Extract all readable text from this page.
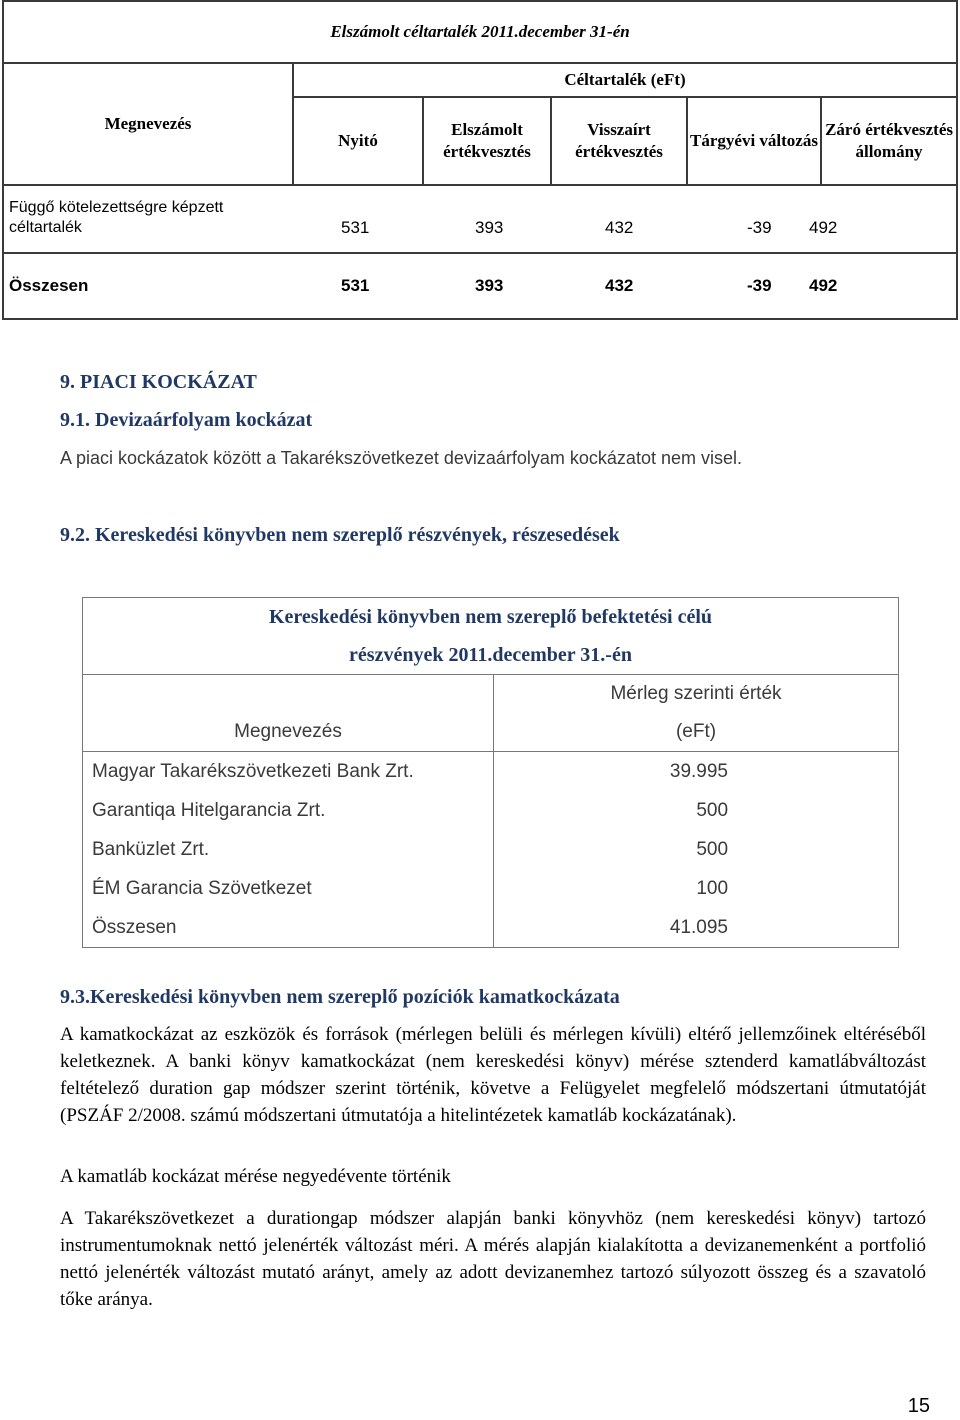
Elszámolt céltartalék 2011.december 31-én					
Megnevezés	Céltartalék (eFt)				
	Nyitó	Elszámolt értékvesztés	Visszaírt értékvesztés	Tárgyévi változás	Záró értékvesztés állomány

Függő kötelezettségre képzett
céltartalék	531	393	432	-39	492
Összesen	531	393	432	-39	492
9. PIACI KOCKÁZAT
9.1. Devizaárfolyam kockázat
A piaci kockázatok között a Takarékszövetkezet devizaárfolyam kockázatot nem visel.
9.2. Kereskedési könyvben nem szereplő részvények, részesedések
Kereskedési könyvben nem szereplő befektetési célú
részvények 2011.december 31.-én	

Megnevezés	Mérleg szerinti érték
(eFt)

Magyar Takarékszövetkezeti Bank Zrt.	39.995
Garantiqa Hitelgarancia Zrt.	500
Banküzlet Zrt.	500
ÉM Garancia Szövetkezet	100
Összesen	41.095
9.3.Kereskedési könyvben nem szereplő pozíciók kamatkockázata
A kamatkockázat az eszközök és források (mérlegen belüli és mérlegen kívüli) eltérő jellemzőinek eltéréséből keletkeznek. A banki könyv kamatkockázat (nem kereskedési könyv) mérése sztenderd kamatlábváltozást feltételező duration gap módszer szerint történik, követve a Felügyelet megfelelő módszertani útmutatóját (PSZÁF 2/2008. számú módszertani útmutatója a hitelintézetek kamatláb kockázatának).
A kamatláb kockázat mérése negyedévente történik
A Takarékszövetkezet a durationgap módszer alapján banki könyvhöz (nem kereskedési könyv) tartozó instrumentumoknak nettó jelenérték változást méri. A mérés alapján kialakította a devizanemenként a portfolió nettó jelenérték változást mutató arányt, amely az adott devizanemhez tartozó súlyozott összeg és a szavatoló tőke aránya.
15
